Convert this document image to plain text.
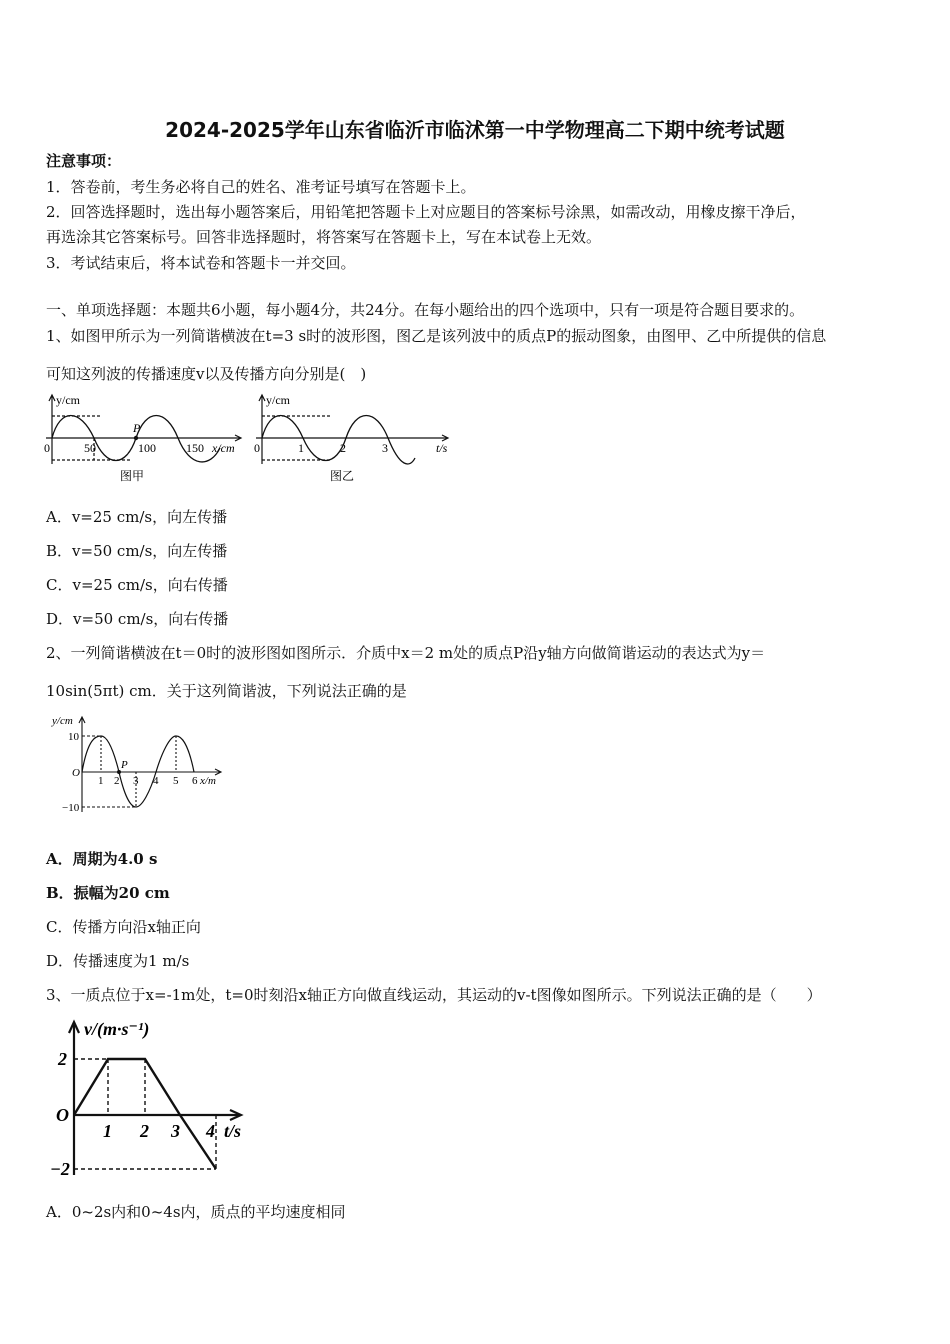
2024-2025学年山东省临沂市临沭第一中学物理高二下期中统考试题
注意事项：
1．答卷前，考生务必将自己的姓名、准考证号填写在答题卡上。
2．回答选择题时，选出每小题答案后，用铅笔把答题卡上对应题目的答案标号涂黑，如需改动，用橡皮擦干净后，
再选涂其它答案标号。回答非选择题时，将答案写在答题卡上，写在本试卷上无效。
3．考试结束后，将本试卷和答题卡一并交回。
一、单项选择题：本题共6小题，每小题4分，共24分。在每小题给出的四个选项中，只有一项是符合题目要求的。
1、如图甲所示为一列简谐横波在t=3 s时的波形图，图乙是该列波中的质点P的振动图象，由图甲、乙中所提供的信息
可知这列波的传播速度v以及传播方向分别是(　)
y/cm
0	50	100	150 x/cm
P
图甲
y/cm
0	1	2	3	t/s
图乙
A．v=25 cm/s，向左传播
B．v=50 cm/s，向左传播
C．v=25 cm/s，向右传播
D．v=50 cm/s，向右传播
2、一列简谐横波在t＝0时的波形图如图所示．介质中x＝2 m处的质点P沿y轴方向做简谐运动的表达式为y＝
10sin(5πt) cm．关于这列简谐波，下列说法正确的是
y/cm
10
−10
O
1 2 3 4 5 6 x/m
P
A．周期为4.0 s
B．振幅为20 cm
C．传播方向沿x轴正向
D．传播速度为1 m/s
3、一质点位于x=-1m处，t=0时刻沿x轴正方向做直线运动，其运动的v-t图像如图所示。下列说法正确的是（　　）
v/(m·s⁻¹)
2
−2
O
1 2 3 4 t/s
A．0~2s内和0~4s内，质点的平均速度相同
